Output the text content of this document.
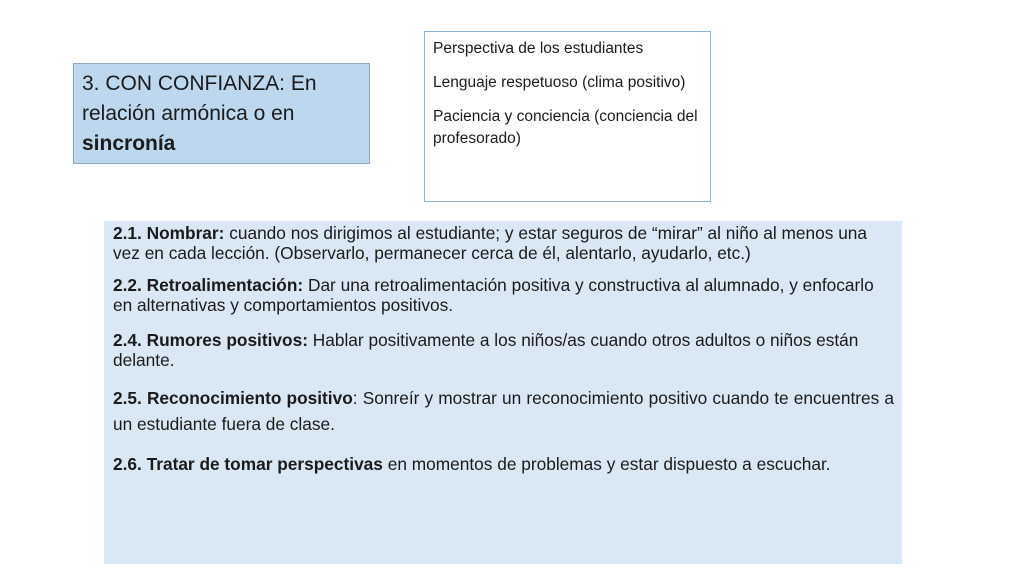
3. CON CONFIANZA: En relación armónica o en
sincronía

Perspectiva de los estudiantes

Lenguaje respetuoso (clima positivo)

Paciencia y conciencia (conciencia del profesorado)

2.1. Nombrar: cuando nos dirigimos al estudiante; y estar seguros de “mirar” al niño al menos una vez en cada lección. (Observarlo, permanecer cerca de él, alentarlo, ayudarlo, etc.)

2.2. Retroalimentación: Dar una retroalimentación positiva y constructiva al alumnado, y enfocarlo en alternativas y comportamientos positivos.

2.4. Rumores positivos: Hablar positivamente a los niños/as cuando otros adultos o niños están delante.

2.5. Reconocimiento positivo: Sonreír y mostrar un reconocimiento positivo cuando te encuentres a un estudiante fuera de clase.

2.6. Tratar de tomar perspectivas en momentos de problemas y estar dispuesto a escuchar.
